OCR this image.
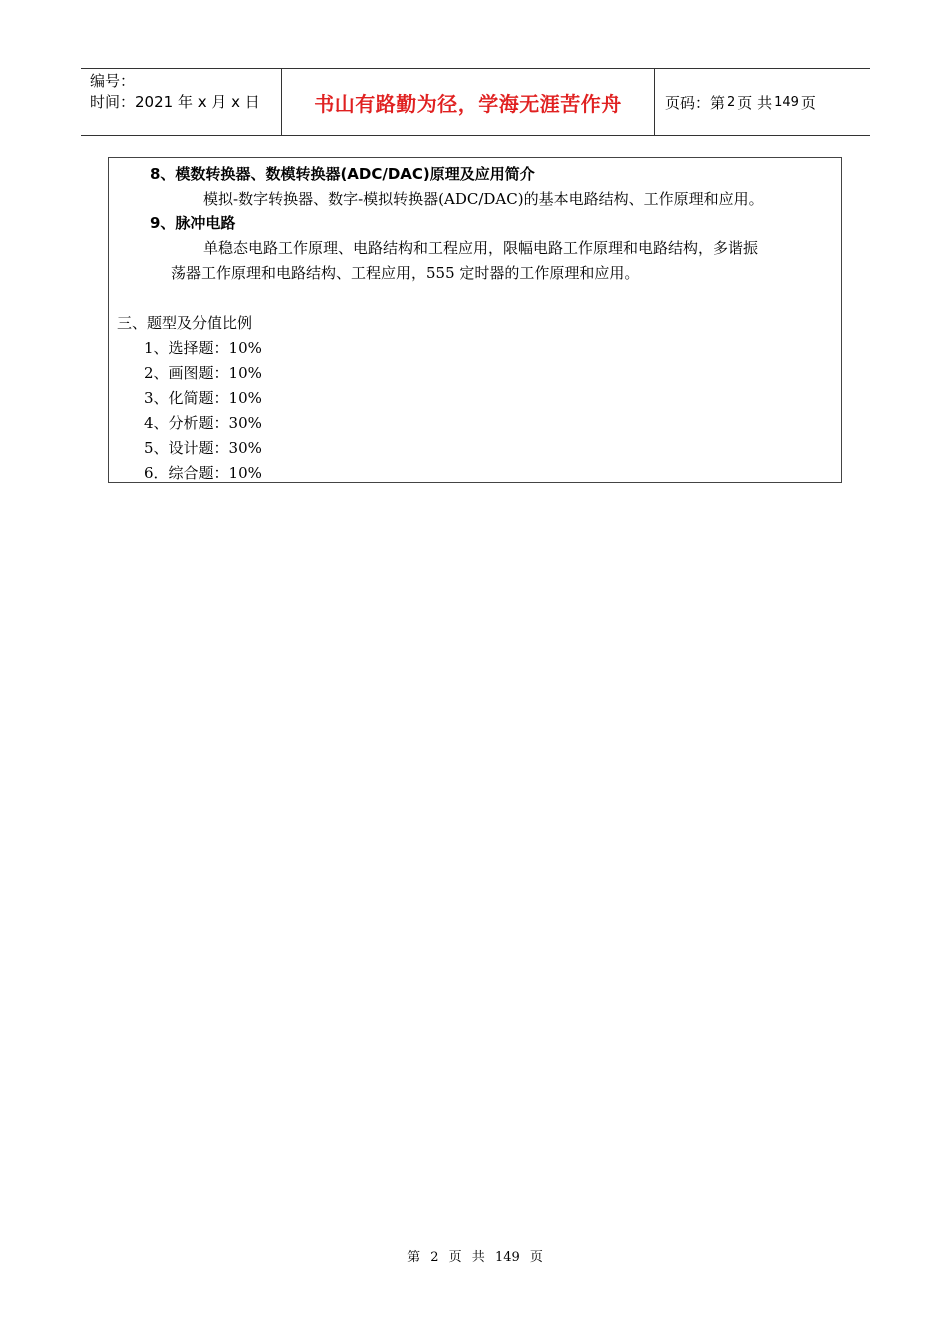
编号：
时间：2021 年 x 月 x 日	书山有路勤为径，学海无涯苦作舟	页码：第 2 页 共 149 页
8、模数转换器、数模转换器(ADC/DAC)原理及应用简介
模拟-数字转换器、数字-模拟转换器(ADC/DAC)的基本电路结构、工作原理和应用。
9、脉冲电路
单稳态电路工作原理、电路结构和工程应用，限幅电路工作原理和电路结构，多谐振
荡器工作原理和电路结构、工程应用，555 定时器的工作原理和应用。
三、题型及分值比例
1、选择题：10%
2、画图题：10%
3、化简题：10%
4、分析题：30%
5、设计题：30%
6．综合题：10%
第 2 页 共 149 页
